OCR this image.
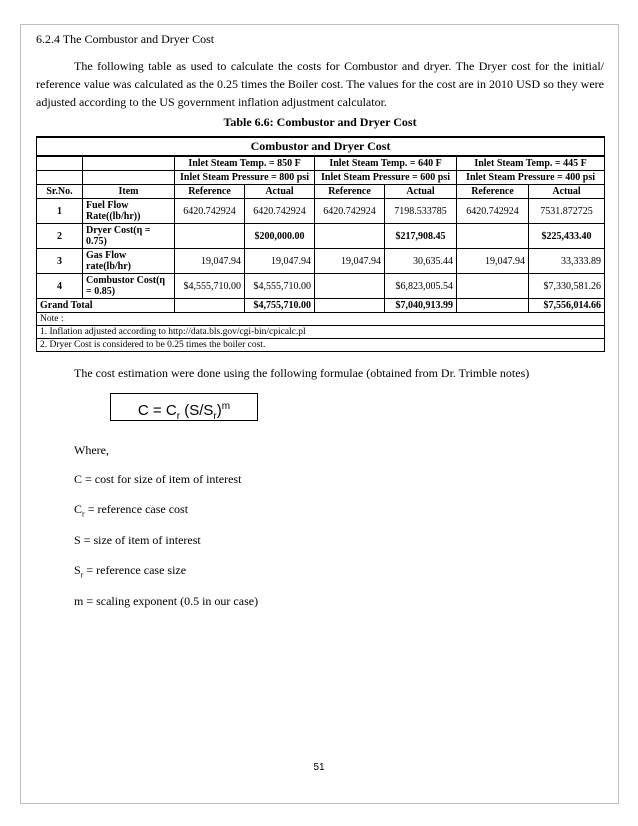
6.2.4 The Combustor and Dryer Cost

The following table as used to calculate the costs for Combustor and dryer. The Dryer cost for the initial/ reference value was calculated as the 0.25 times the Boiler cost. The values for the cost are in 2010 USD so they were adjusted according to the US government inflation adjustment calculator.

Table 6.6: Combustor and Dryer Cost

Combustor and Dryer Cost							
		Inlet Steam Temp. = 850 F		Inlet Steam Temp. = 640 F		Inlet Steam Temp. = 445 F	
		Inlet Steam Pressure = 800 psi		Inlet Steam Pressure = 600 psi		Inlet Steam Pressure = 400 psi	
Sr.No.	Item	Reference	Actual	Reference	Actual	Reference	Actual
1	Fuel Flow Rate((lb/hr))	6420.742924	6420.742924	6420.742924	7198.533785	6420.742924	7531.872725
2	Dryer Cost(η = 0.75)		$200,000.00		$217,908.45		$225,433.40
3	Gas Flow rate(lb/hr)	19,047.94	19,047.94	19,047.94	30,635.44	19,047.94	33,333.89
4	Combustor Cost(η = 0.85)	$4,555,710.00	$4,555,710.00		$6,823,005.54		$7,330,581.26
Grand Total			$4,755,710.00		$7,040,913.99		$7,556,014.66
Note :							
1. Inflation adjusted according to http://data.bls.gov/cgi-bin/cpicalc.pl							
2. Dryer Cost is considered to be 0.25 times the boiler cost.							

The cost estimation were done using the following formulae (obtained from Dr. Trimble notes)

$C = C_r$ $(S/S_r)^m$

Where,

C = cost for size of item of interest

$C_r$ = reference case cost

S = size of item of interest

$S_r$ = reference case size

m = scaling exponent (0.5 in our case)

51
